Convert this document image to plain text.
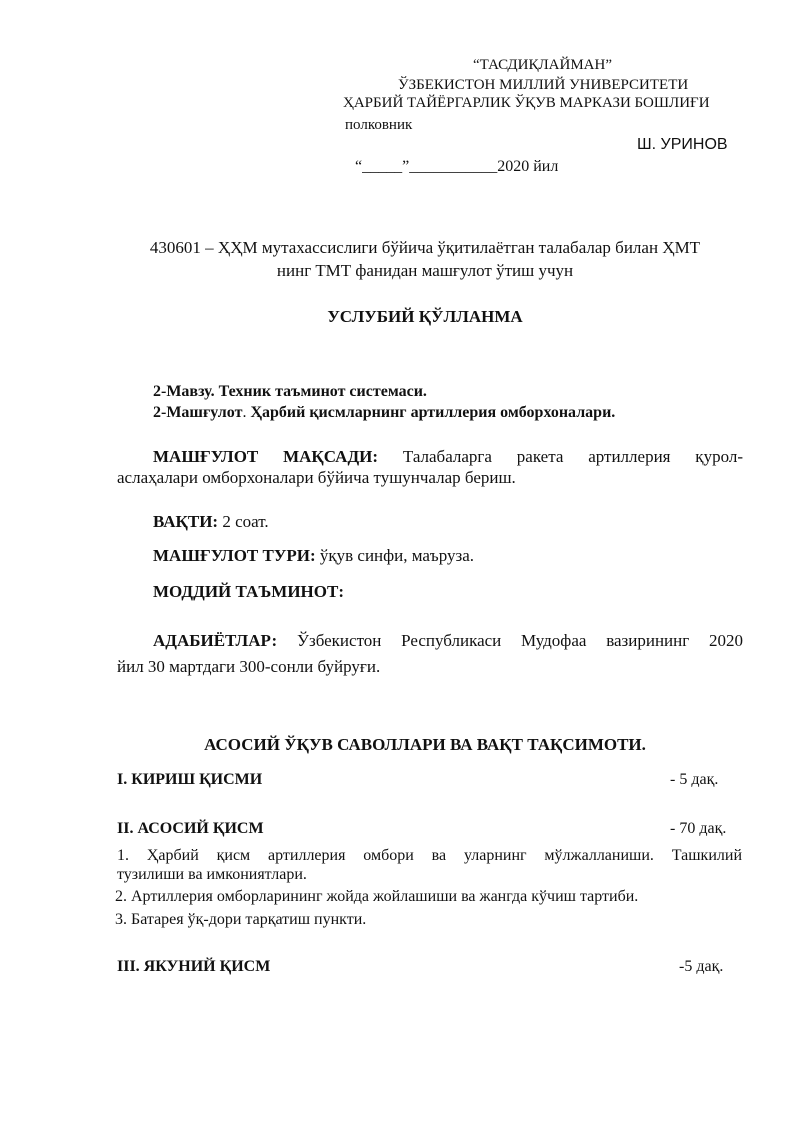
“ТАСДИҚЛАЙМАН”
ЎЗБЕКИСТОН МИЛЛИЙ УНИВЕРСИТЕТИ
ҲАРБИЙ ТАЙЁРГАРЛИК ЎҚУВ МАРКАЗИ БОШЛИҒИ
полковник
Ш. УРИНОВ
“_____”___________2020 йил
430601 – ҲҲМ мутахассислиги бўйича ўқитилаётган талабалар билан ҲМТ
нинг ТМТ фанидан машғулот ўтиш учун
УСЛУБИЙ ҚЎЛЛАНМА
2-Мавзу. Техник таъминот системаси.
2-Машғулот. Ҳарбий қисмларнинг артиллерия омборхоналари.
МАШҒУЛОТ МАҚСАДИ: Талабаларга ракета артиллерия қурол-
аслаҳалари омборхоналари бўйича тушунчалар бериш.
ВАҚТИ: 2 соат.
МАШҒУЛОТ ТУРИ: ўқув синфи, маъруза.
МОДДИЙ ТАЪМИНОТ:
АДАБИЁТЛАР: Ўзбекистон Республикаси Мудофаа вазирининг 2020
йил 30 мартдаги 300-сонли буйруғи.
АСОСИЙ ЎҚУВ САВОЛЛАРИ ВА ВАҚТ ТАҚСИМОТИ.
I. КИРИШ ҚИСМИ	- 5 дақ.
II. АСОСИЙ ҚИСМ	- 70 дақ.
1. Ҳарбий қисм артиллерия омбори ва уларнинг мўлжалланиши. Ташкилий
тузилиши ва имкониятлари.
2. Артиллерия омборларининг жойда жойлашиши ва жангда кўчиш тартиби.
3. Батарея ўқ-дори тарқатиш пункти.
III. ЯКУНИЙ ҚИСМ	-5 дақ.
